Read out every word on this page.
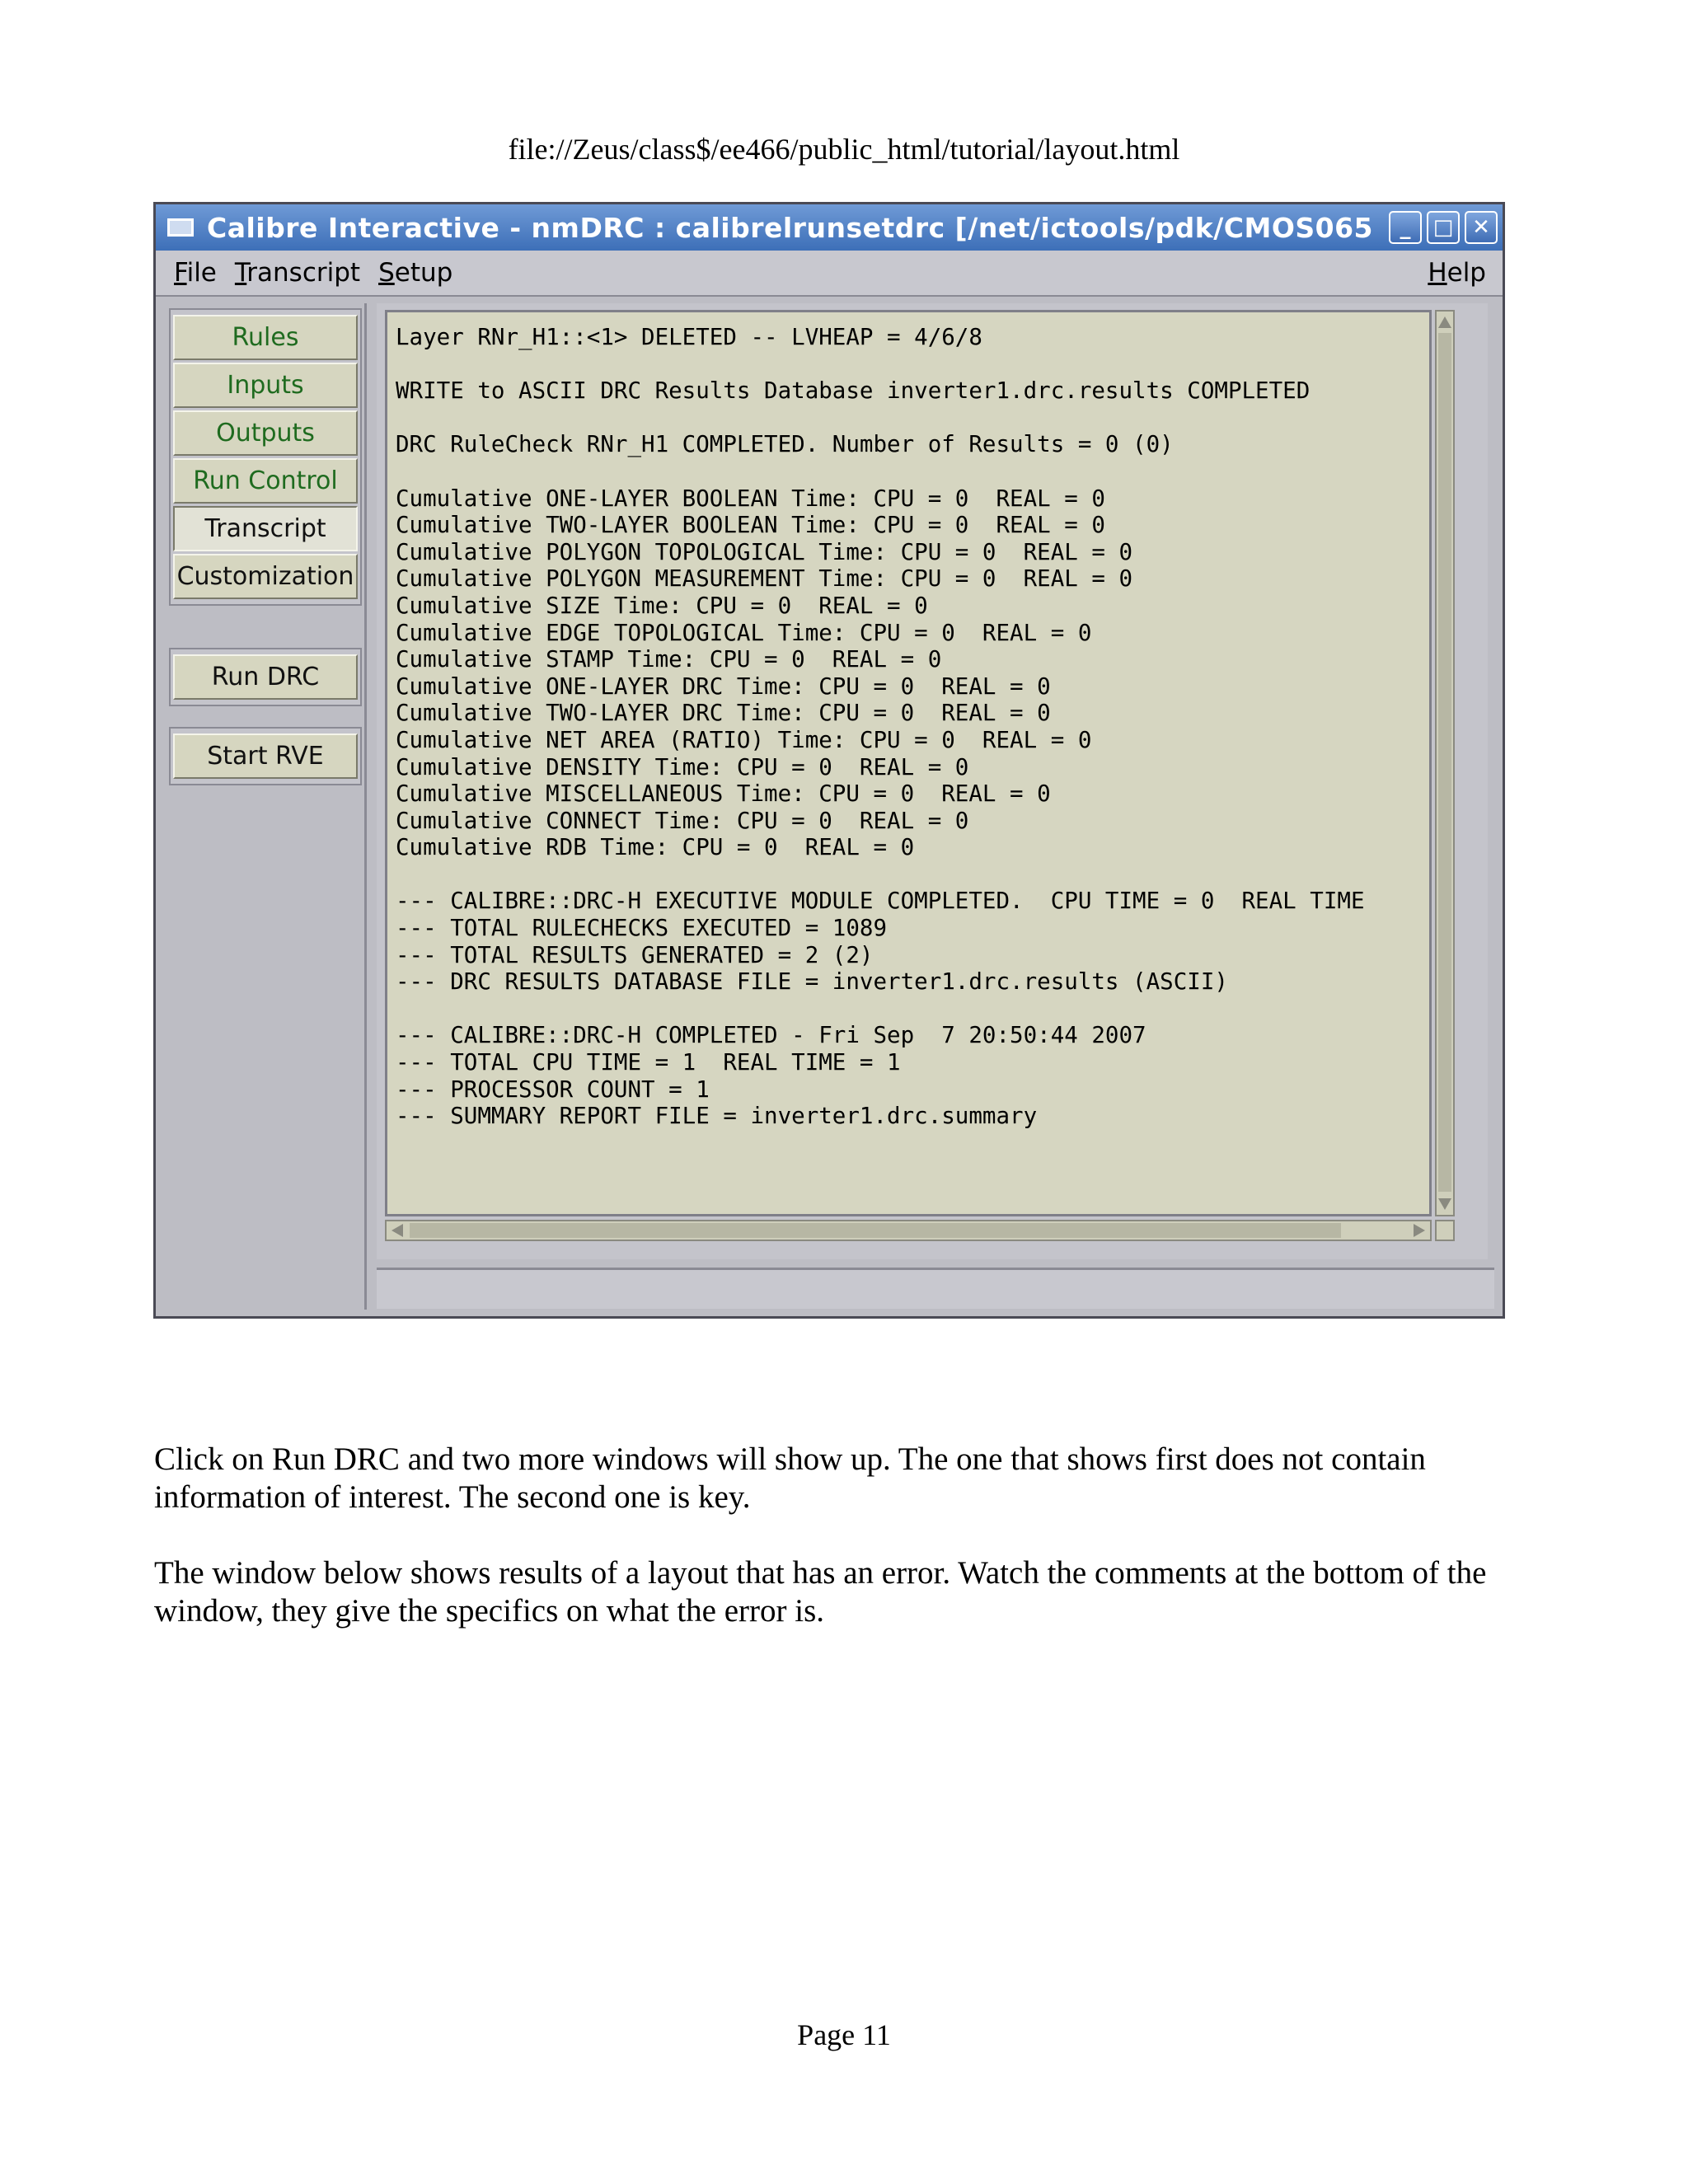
file://Zeus/class$/ee466/public_html/tutorial/layout.html
Calibre Interactive - nmDRC : calibrelrunsetdrc [/net/ictools/pdk/CMOS065	_	□ ✕
File Transcript Setup	Help
Rules
Inputs
Outputs
Run Control
Transcript
Customization
Run DRC
Start RVE
Layer RNr_H1::<1> DELETED -- LVHEAP = 4/6/8

WRITE to ASCII DRC Results Database inverter1.drc.results COMPLETED

DRC RuleCheck RNr_H1 COMPLETED. Number of Results = 0 (0)

Cumulative ONE-LAYER BOOLEAN Time: CPU = 0  REAL = 0
Cumulative TWO-LAYER BOOLEAN Time: CPU = 0  REAL = 0
Cumulative POLYGON TOPOLOGICAL Time: CPU = 0  REAL = 0
Cumulative POLYGON MEASUREMENT Time: CPU = 0  REAL = 0
Cumulative SIZE Time: CPU = 0  REAL = 0
Cumulative EDGE TOPOLOGICAL Time: CPU = 0  REAL = 0
Cumulative STAMP Time: CPU = 0  REAL = 0
Cumulative ONE-LAYER DRC Time: CPU = 0  REAL = 0
Cumulative TWO-LAYER DRC Time: CPU = 0  REAL = 0
Cumulative NET AREA (RATIO) Time: CPU = 0  REAL = 0
Cumulative DENSITY Time: CPU = 0  REAL = 0
Cumulative MISCELLANEOUS Time: CPU = 0  REAL = 0
Cumulative CONNECT Time: CPU = 0  REAL = 0
Cumulative RDB Time: CPU = 0  REAL = 0

--- CALIBRE::DRC-H EXECUTIVE MODULE COMPLETED.  CPU TIME = 0  REAL TIME
--- TOTAL RULECHECKS EXECUTED = 1089
--- TOTAL RESULTS GENERATED = 2 (2)
--- DRC RESULTS DATABASE FILE = inverter1.drc.results (ASCII)

--- CALIBRE::DRC-H COMPLETED - Fri Sep  7 20:50:44 2007
--- TOTAL CPU TIME = 1  REAL TIME = 1
--- PROCESSOR COUNT = 1
--- SUMMARY REPORT FILE = inverter1.drc.summary
Click on Run DRC and two more windows will show up. The one that shows first does not contain information of interest. The second one is key.
The window below shows results of a layout that has an error. Watch the comments at the bottom of the window, they give the specifics on what the error is.
Page 11
